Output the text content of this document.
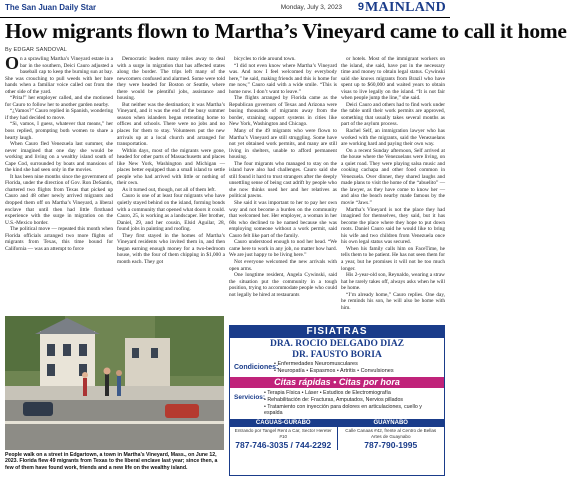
The San Juan Daily Star	Monday, July 3, 2023 9 MAINLAND
How migrants flown to Martha’s Vineyard came to call it home
By EDGAR SANDOVAL

On a sprawling Martha’s Vineyard estate in a bar in the southern, Deici Cauro adjusted a baseball cap to keep the burning sun at bay. She was crouching to pull weeds with her bare hands when a familiar voice called out from the other side of the yard.

“Prita!” her employer called, and she motioned for Cauro to follow her to another garden nearby.

“¿Vamos?” Cauro replied in Spanish, wondering if they had decided to move.

“Si, vamos, I guess, whatever that means,” her boss replied, prompting both women to share a hearty laugh.

When Cauro fled Venezuela last summer, she never imagined that one day she would be working and living on a wealthy island south of Cape Cod, surrounded by boats and mansions of the kind she had seen only in the movies.

It has been nine months since the government of Florida, under the direction of Gov. Ron DeSantis, chartered two flights from Texas that picked up Cauro and 48 other newly arrived migrants and dropped them off on Martha’s Vineyard, a liberal enclave that until then had little firsthand experience with the surge in migration on the U.S.-Mexico border.

The political move — repeated this month when Florida officials arranged two more flights of migrants from Texas, this time bound for California — was an attempt to force

Democratic leaders many miles away to deal with a surge in migration that has affected states along the border. The trips left many of the newcomers confused and alarmed. Some were told they were headed for Boston or Seattle, where there would be plentiful jobs, assistance and housing.

But neither was the destination; it was Martha’s Vineyard, and it was the end of the busy summer season when islanders began retreating home to offices and schools. There were no jobs and no places for them to stay. Volunteers put the new arrivals up at a local church and arranged for transportation.

Within days, most of the migrants were gone, headed for other parts of Massachusetts and places like New York, Washington and Michigan — places better equipped than a small island to settle people who had arrived with little or nothing of their own.

As it turned out, though, not all of them left.

Cauro is one of at least four migrants who have quietly stayed behind on the island, forming bonds with a community that opened what doors it could. Cauro, 25, is working as a landscaper. Her brother, Daniel, 29, and her cousin, Elsid Aguilar, 28, found jobs in painting and roofing.

They first stayed in the homes of Martha’s Vineyard residents who invited them in, and then began earning enough money for a two-bedroom house, with the four of them chipping in $1,000 a month each. They got

bicycles to ride around town.

“I did not even know where Martha’s Vineyard was. And now I feel welcomed by everybody here,” he said, making friends and this is home for me now,” Cauro said with a wide smile. “This is home now. I don’t want to leave.”

The flights arranged by Florida came as the Republican governors of Texas and Arizona were busing thousands of migrants away from the border, straining support systems in cities like New York, Washington and Chicago.

Many of the 49 migrants who were flown to Martha’s Vineyard are still struggling. Some have not yet obtained work permits, and many are still living in shelters, unable to afford permanent housing.

The four migrants who managed to stay on the island have also had challenges. Cauro said she still found it hard to trust strangers after the deeply unsettling sense of being cast adrift by people who she now thinks used her and her relatives as political pawns.

She said it was important to her to pay her own way and not become a burden on the community that welcomed her. Her employer, a woman in her 60s who declined to be named because she was employing someone without a work permit, said Cauro felt like part of the family.

Cauro understood enough to nod her head. “We came here to work in any job, no matter how hard. We are just happy to be living here.”

Not everyone welcomed the new arrivals with open arms.

One longtime resident, Angela Cywinski, said the situation put the community in a tough position, trying to accommodate people who could not legally be hired at restaurants

or hotels. Most of the immigrant workers on the island, she said, have put in the necessary time and money to obtain legal status. Cywinski said she knows migrants from Brazil who have spent up to $60,000 and waited years to obtain visas to live legally on the island. “It is not fair when people jump the line,” she said.

Deici Cauro and others had to find work under the table until their work permits are approved, something that usually takes several months as part of the asylum process.

Rachel Self, an immigration lawyer who has worked with the migrants, said the Venezuelans are working hard and paying their own way.

On a recent Sunday afternoon, Self arrived at the house where the Venezuelans were living, on a quiet road. They were playing salsa music and cooking cachapa and other food common in Venezuela. Over dinner, they shared laughs and made plans to visit the home of the “abuelito” — the lawyer, as they have come to know her — and also the beach nearby made famous by the movie “Jaws.”

Martha’s Vineyard is not the place they had imagined for themselves, they said, but it has become the place where they hope to put down roots. Daniel Cauro said he would like to bring his wife and two children from Venezuela once his own legal status was secured.

When his family calls him on FaceTime, he tells them to be patient. He has not seen them for a year, but he promises it will not be too much longer.

His 2-year-old son, Reynaldo, wearing a straw hat he rarely takes off, always asks when he will be home.

“I’m already home,” Cauro replies. One day, he reminds his son, he will also be home with him.

People walk on a street in Edgartown, a town in Martha’s Vineyard, Mass., on June 12, 2023. Florida flew 49 migrants from Texas to the liberal enclave last year; since then, a few of them have found work, friends and a new life on the wealthy island.
FISIATRAS
DRA. ROCIO DELGADO DIAZ
DR. FAUSTO BORIA
Condiciones:
• Enfermedades Neuromusculares
• Neuropatía • Espasmos • Artritis • Convulsiones
Citas rápidas • Citas por hora
Servicios:
• Terapia Física • Láser • Estudios de Electromiografía
• Rehabilitación de: Fracturas, Amputados, Nervios pillados
• Tratamiento con inyección para dolores en articulaciones, cuello y espalda
CAGUAS-GURABO
Entrando por Tangel Rent a Car, Sector Hereter #10
787-746-3035 / 744-2292
GUAYNABO
Calle Canaas #42, frente al Centro de Bellas Artes de Guaynabo
787-790-1995
